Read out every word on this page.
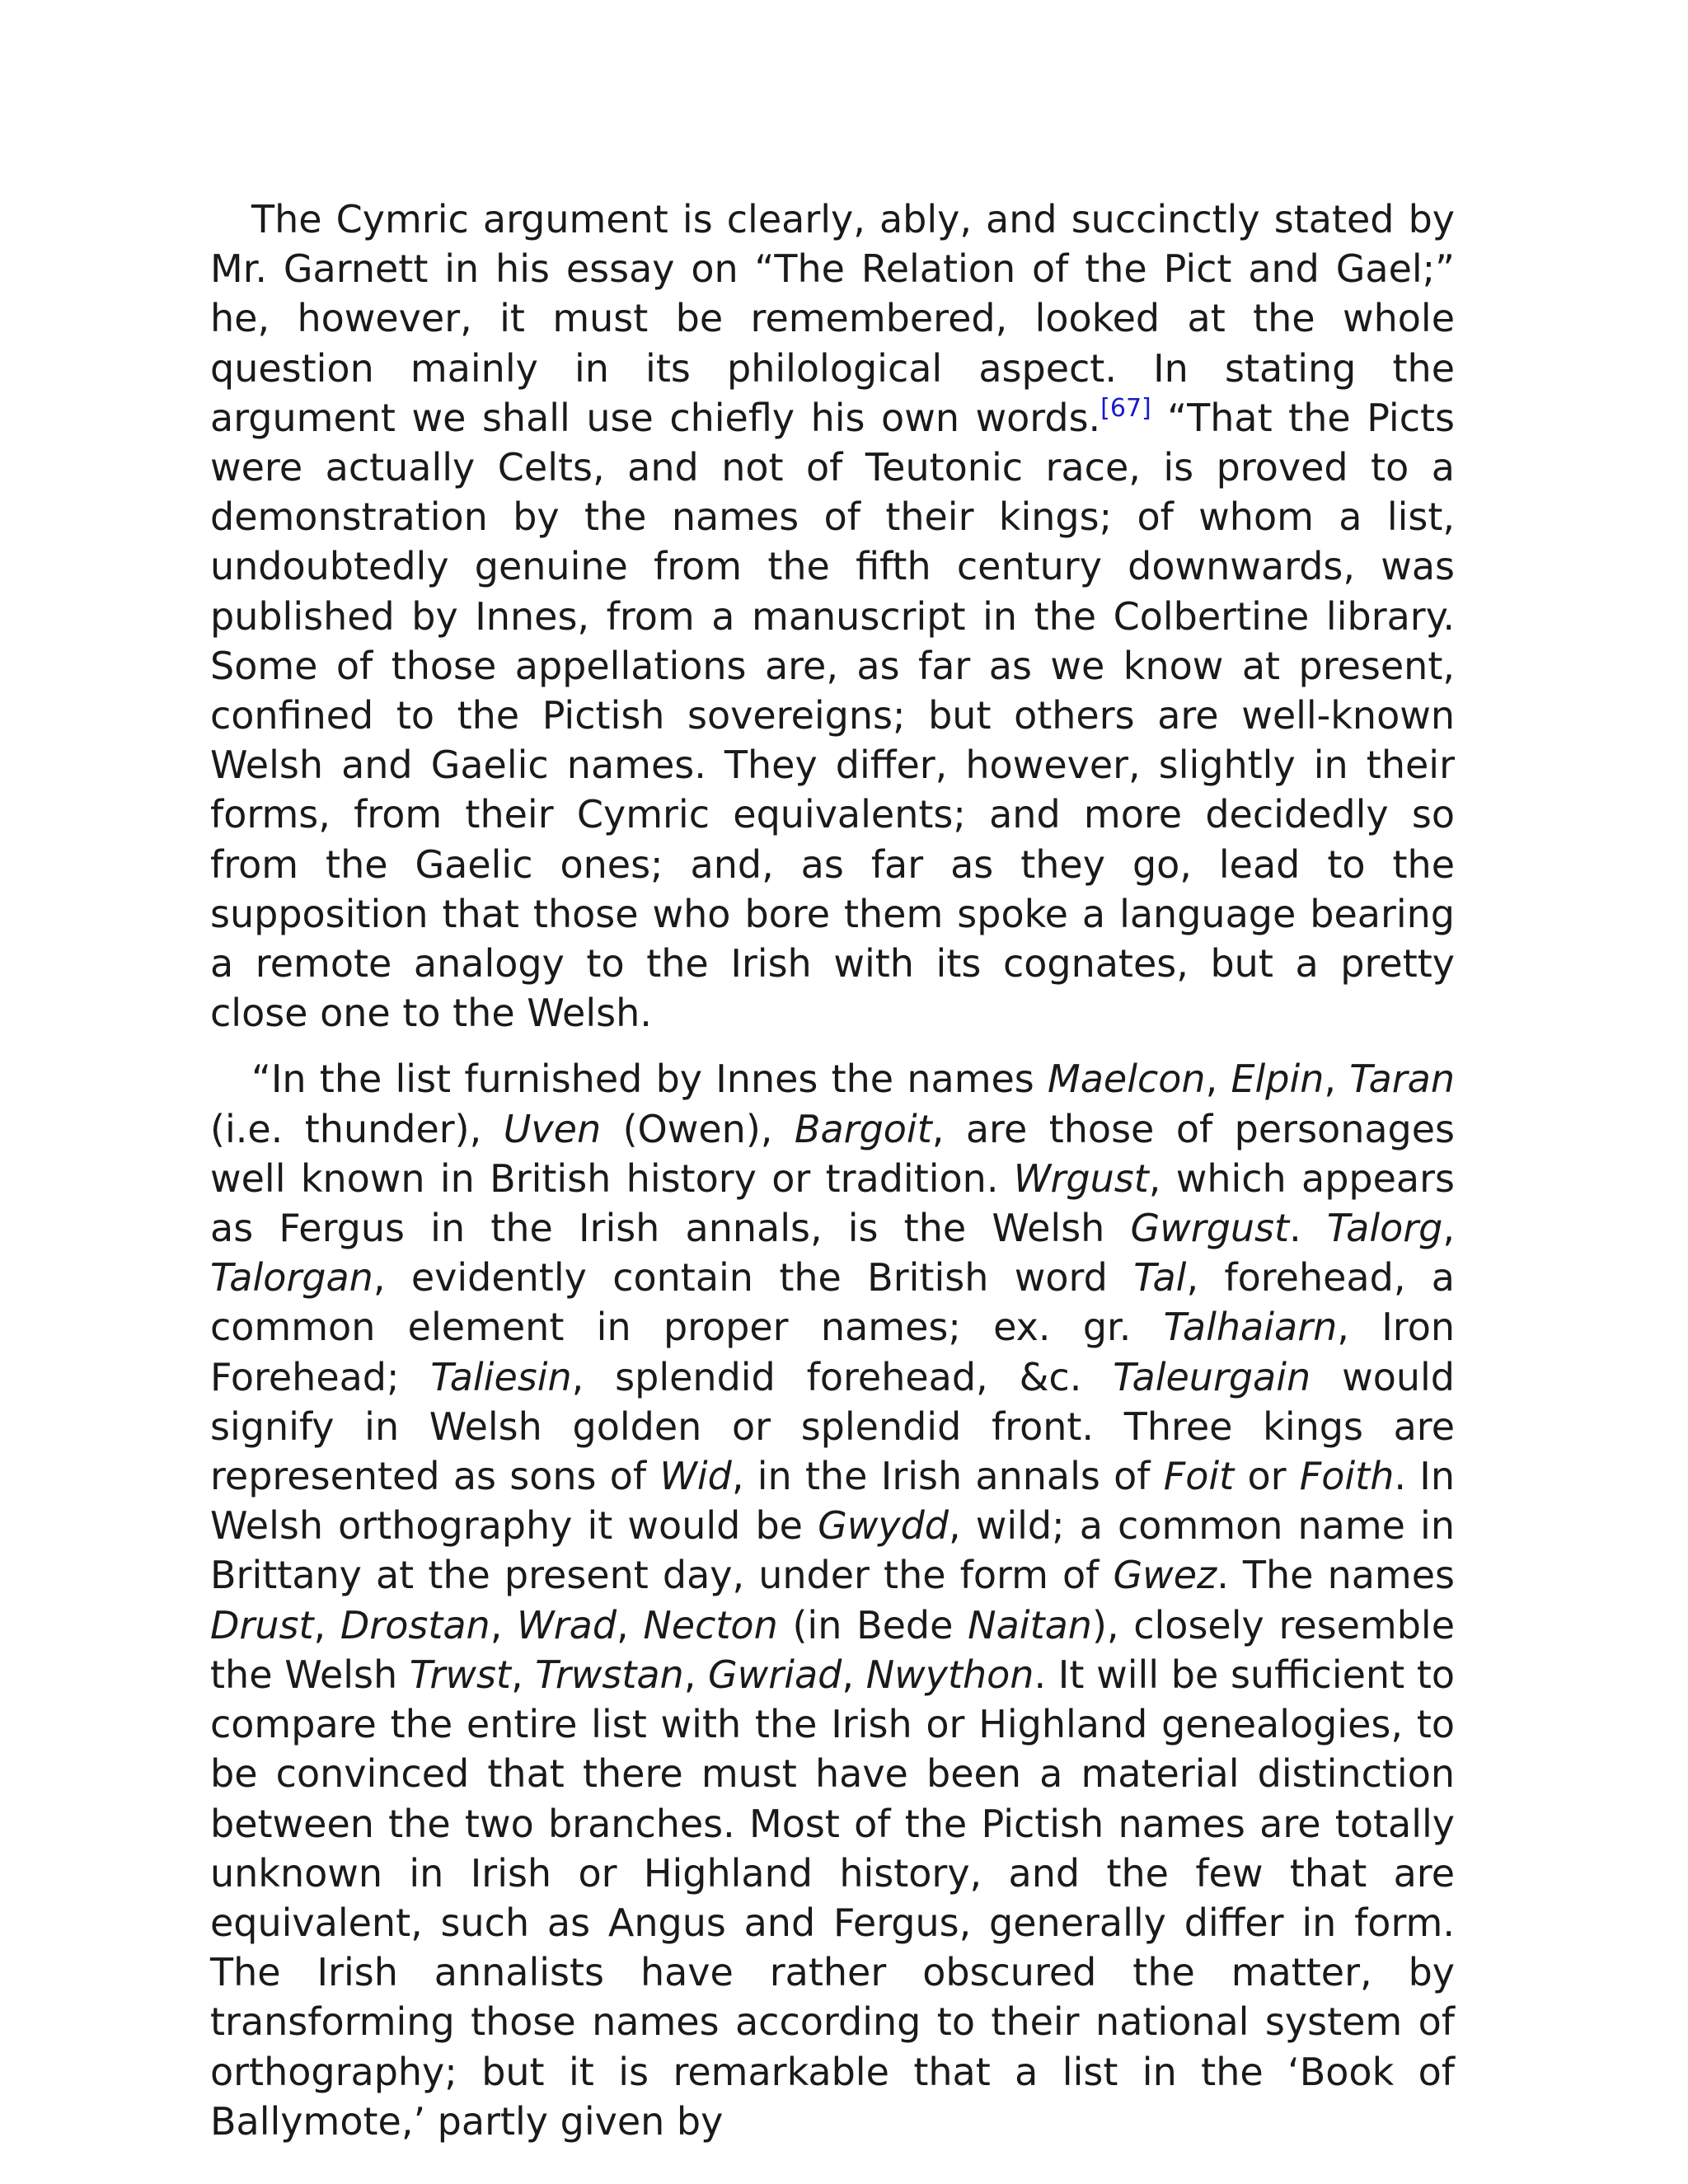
The Cymric argument is clearly, ably, and succinctly stated by Mr. Garnett in his essay on “The Relation of the Pict and Gael;” he, however, it must be remembered, looked at the whole question mainly in its philological aspect. In stating the argument we shall use chiefly his own words.[67] “That the Picts were actually Celts, and not of Teutonic race, is proved to a demonstration by the names of their kings; of whom a list, undoubtedly genuine from the fifth century downwards, was published by Innes, from a manuscript in the Colbertine library. Some of those appellations are, as far as we know at present, confined to the Pictish sovereigns; but others are well-known Welsh and Gaelic names. They differ, however, slightly in their forms, from their Cymric equivalents; and more decidedly so from the Gaelic ones; and, as far as they go, lead to the supposition that those who bore them spoke a language bearing a remote analogy to the Irish with its cognates, but a pretty close one to the Welsh.

“In the list furnished by Innes the names Maelcon, Elpin, Taran (i.e. thunder), Uven (Owen), Bargoit, are those of personages well known in British history or tradition. Wrgust, which appears as Fergus in the Irish annals, is the Welsh Gwrgust. Talorg, Talorgan, evidently contain the British word Tal, forehead, a common element in proper names; ex. gr. Talhaiarn, Iron Forehead; Taliesin, splendid forehead, &c. Taleurgain would signify in Welsh golden or splendid front. Three kings are represented as sons of Wid, in the Irish annals of Foit or Foith. In Welsh orthography it would be Gwydd, wild; a common name in Brittany at the present day, under the form of Gwez. The names Drust, Drostan, Wrad, Necton (in Bede Naitan), closely resemble the Welsh Trwst, Trwstan, Gwriad, Nwython. It will be sufficient to compare the entire list with the Irish or Highland genealogies, to be convinced that there must have been a material distinction between the two branches. Most of the Pictish names are totally unknown in Irish or Highland history, and the few that are equivalent, such as Angus and Fergus, generally differ in form. The Irish annalists have rather obscured the matter, by transforming those names according to their national system of orthography; but it is remarkable that a list in the ‘Book of Ballymote,’ partly given by
